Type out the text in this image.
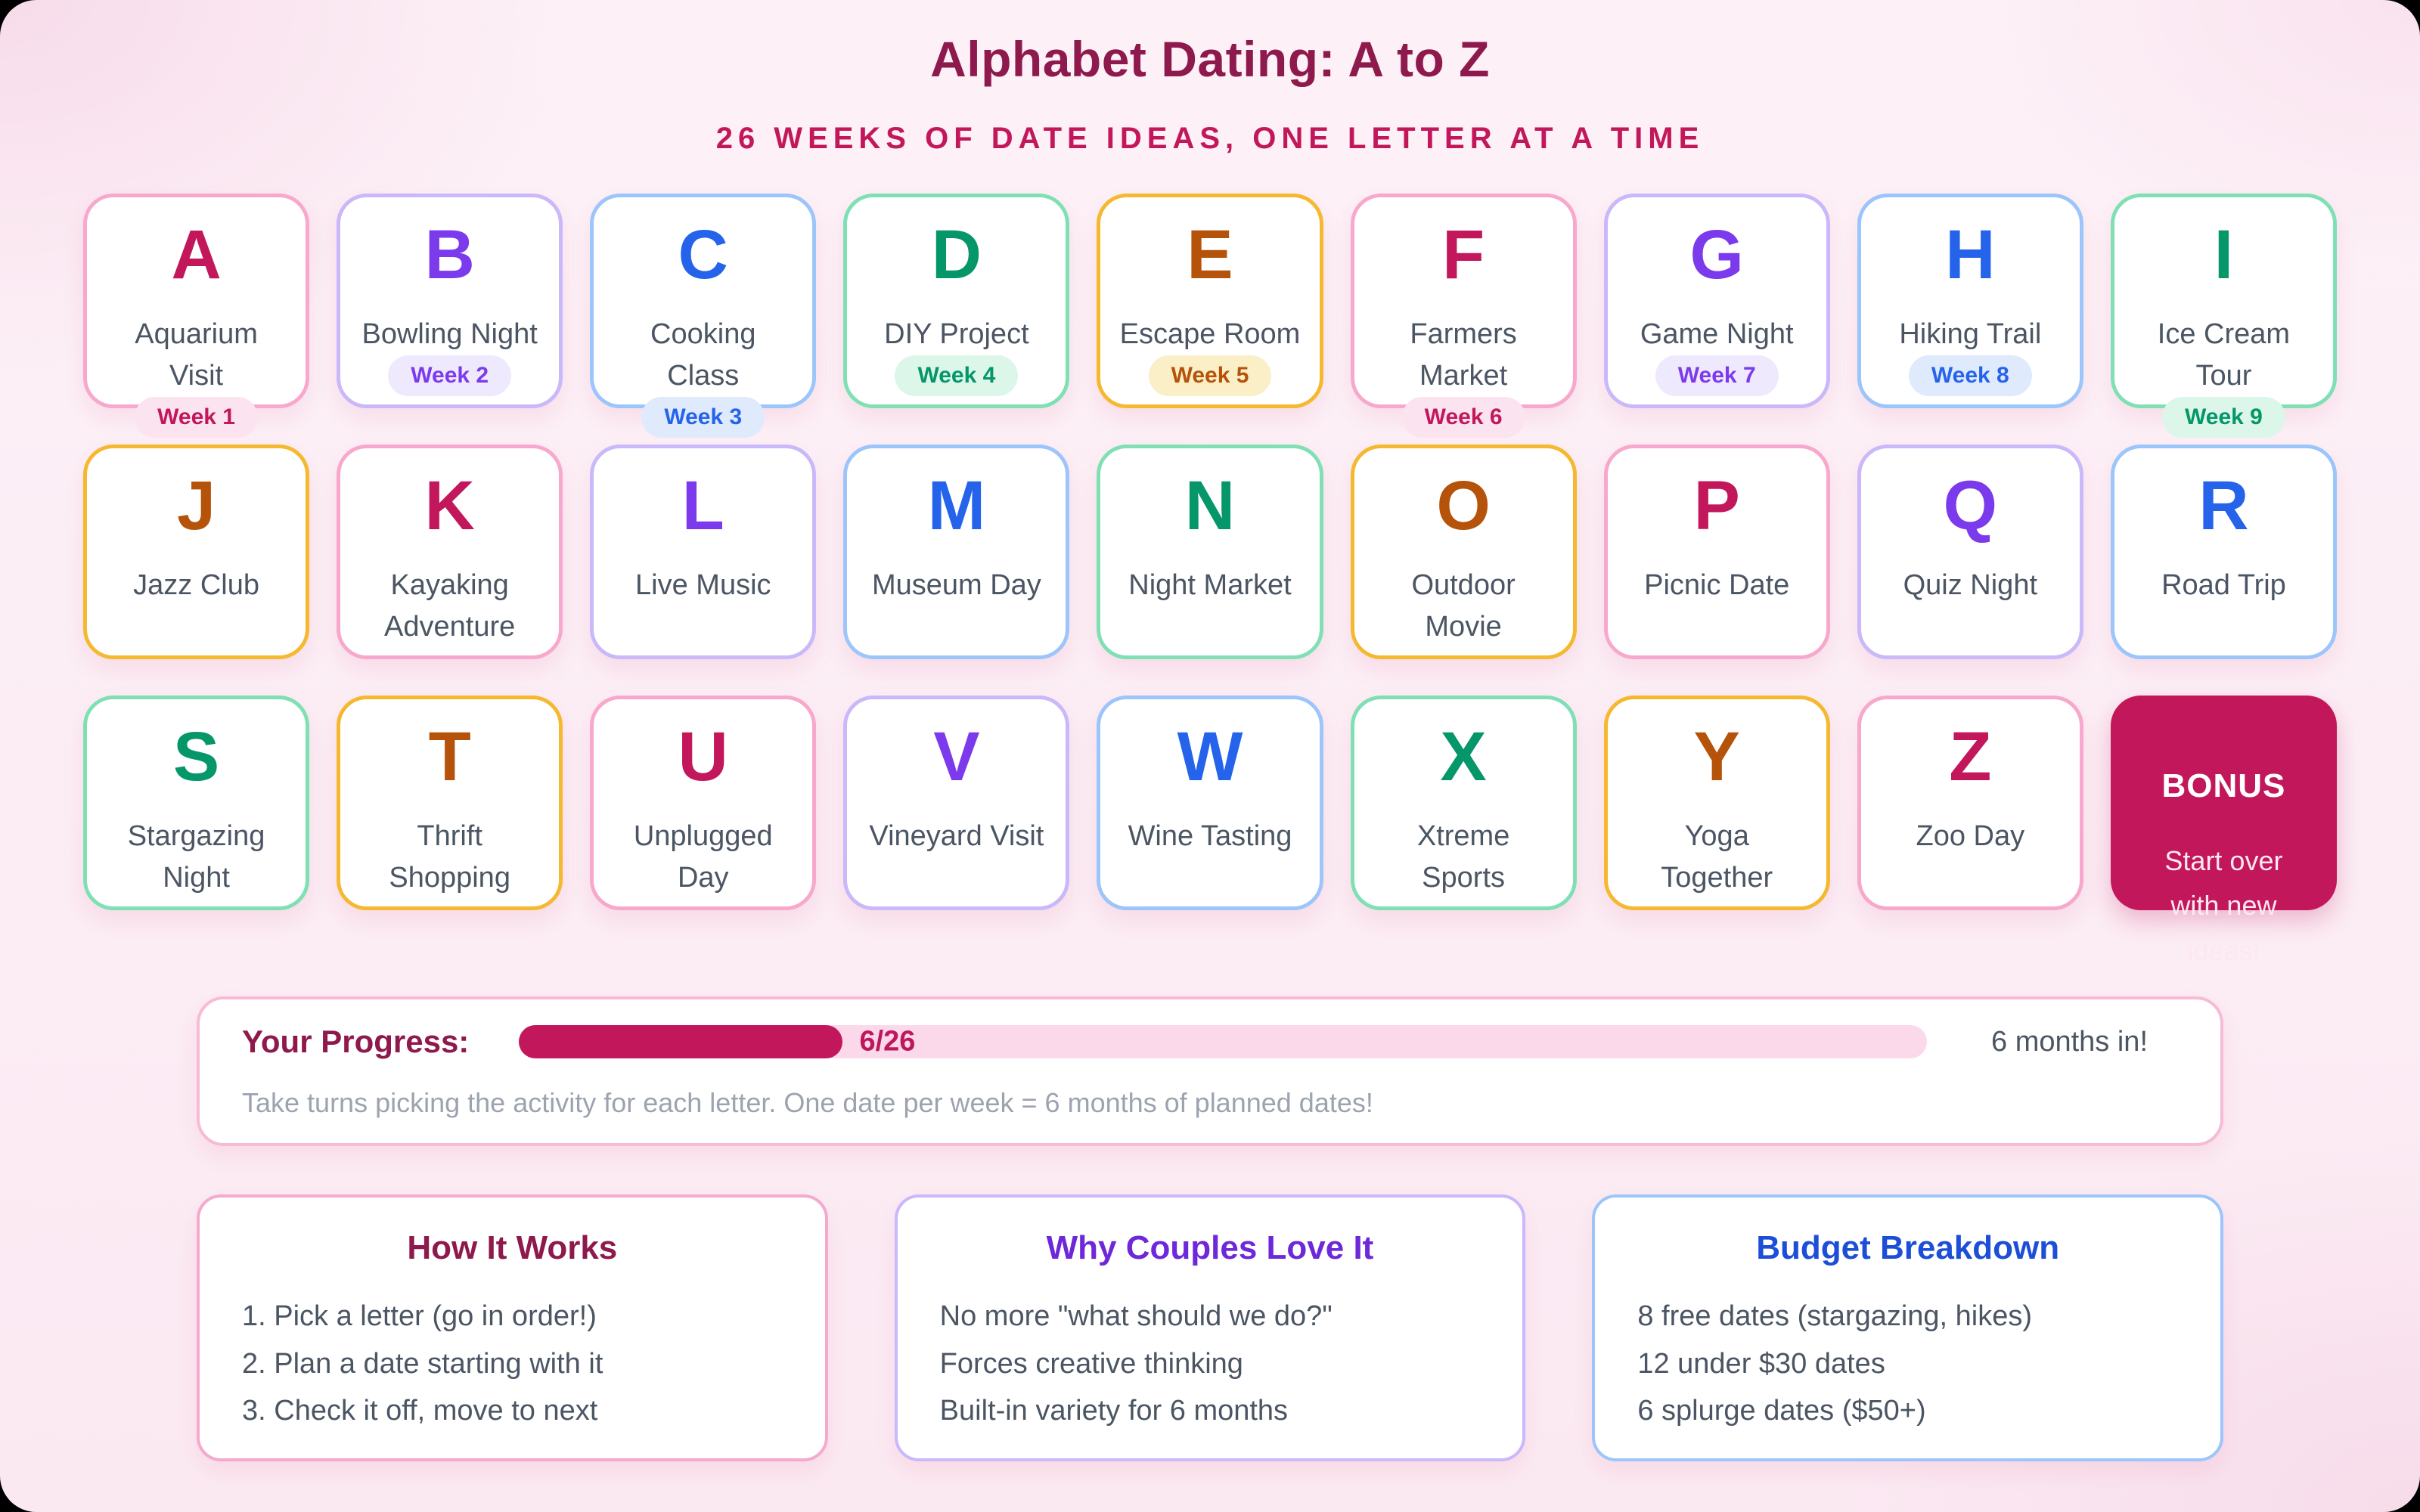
Alphabet Dating: A to Z
26 WEEKS OF DATE IDEAS, ONE LETTER AT A TIME
A
Aquarium Visit
Week 1
B
Bowling Night
Week 2
C
Cooking Class
Week 3
D
DIY Project
Week 4
E
Escape Room
Week 5
F
Farmers Market
Week 6
G
Game Night
Week 7
H
Hiking Trail
Week 8
I
Ice Cream Tour
Week 9
J
Jazz Club
K
Kayaking Adventure
L
Live Music
M
Museum Day
N
Night Market
O
Outdoor Movie
P
Picnic Date
Q
Quiz Night
R
Road Trip
S
Stargazing Night
T
Thrift Shopping
U
Unplugged Day
V
Vineyard Visit
W
Wine Tasting
X
Xtreme Sports
Y
Yoga Together
Z
Zoo Day
BONUS
Start over with new ideas!
Your Progress:	6/26	6 months in!
Take turns picking the activity for each letter. One date per week = 6 months of planned dates!
How It Works
1. Pick a letter (go in order!)
2. Plan a date starting with it
3. Check it off, move to next
Why Couples Love It
No more "what should we do?"
Forces creative thinking
Built-in variety for 6 months
Budget Breakdown
8 free dates (stargazing, hikes)
12 under $30 dates
6 splurge dates ($50+)
